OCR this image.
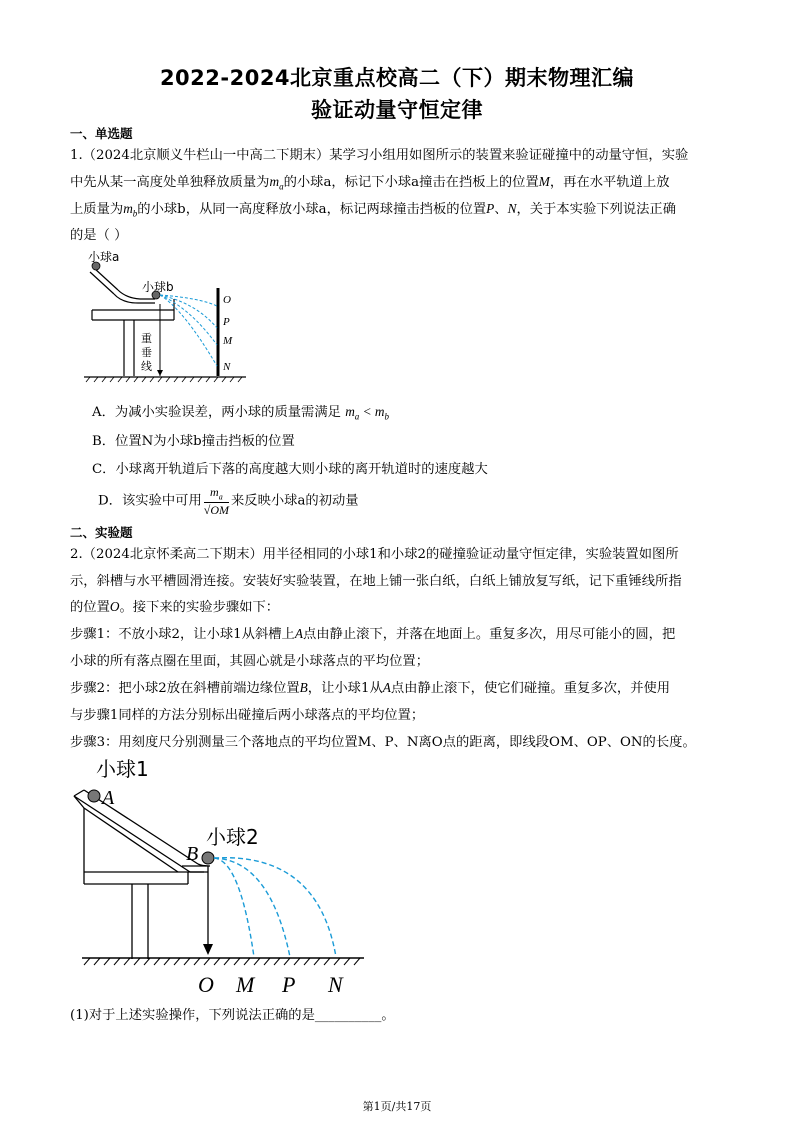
2022-2024北京重点校高二（下）期末物理汇编
验证动量守恒定律
一、单选题
1.（2024北京顺义牛栏山一中高二下期末）某学习小组用如图所示的装置来验证碰撞中的动量守恒，实验
中先从某一高度处单独释放质量为$m_a$的小球a，标记下小球a撞击在挡板上的位置M，再在水平轨道上放
上质量为$m_b$的小球b，从同一高度释放小球a，标记两球撞击挡板的位置P、N，关于本实验下列说法正确
的是（ ）
小球a
小球b
重
垂
线
O
P
M
N
A．为减小实验误差，两小球的质量需满足 $m_a < m_b$
B．位置N为小球b撞击挡板的位置
C．小球离开轨道后下落的高度越大则小球的离开轨道时的速度越大
D．该实验中可用 $\frac{m_a}{√OM}$ 来反映小球a的初动量
二、实验题
2.（2024北京怀柔高二下期末）用半径相同的小球1和小球2的碰撞验证动量守恒定律，实验装置如图所
示，斜槽与水平槽圆滑连接。安装好实验装置，在地上铺一张白纸，白纸上铺放复写纸，记下重锤线所指
的位置O。接下来的实验步骤如下：
步骤1：不放小球2，让小球1从斜槽上A点由静止滚下，并落在地面上。重复多次，用尽可能小的圆，把
小球的所有落点圈在里面，其圆心就是小球落点的平均位置；
步骤2：把小球2放在斜槽前端边缘位置B，让小球1从A点由静止滚下，使它们碰撞。重复多次，并使用
与步骤1同样的方法分别标出碰撞后两小球落点的平均位置；
步骤3：用刻度尺分别测量三个落地点的平均位置M、P、N离O点的距离，即线段OM、OP、ON的长度。
小球1
A
B
小球2
O M P N
(1)对于上述实验操作，下列说法正确的是__________。
第1页/共17页
